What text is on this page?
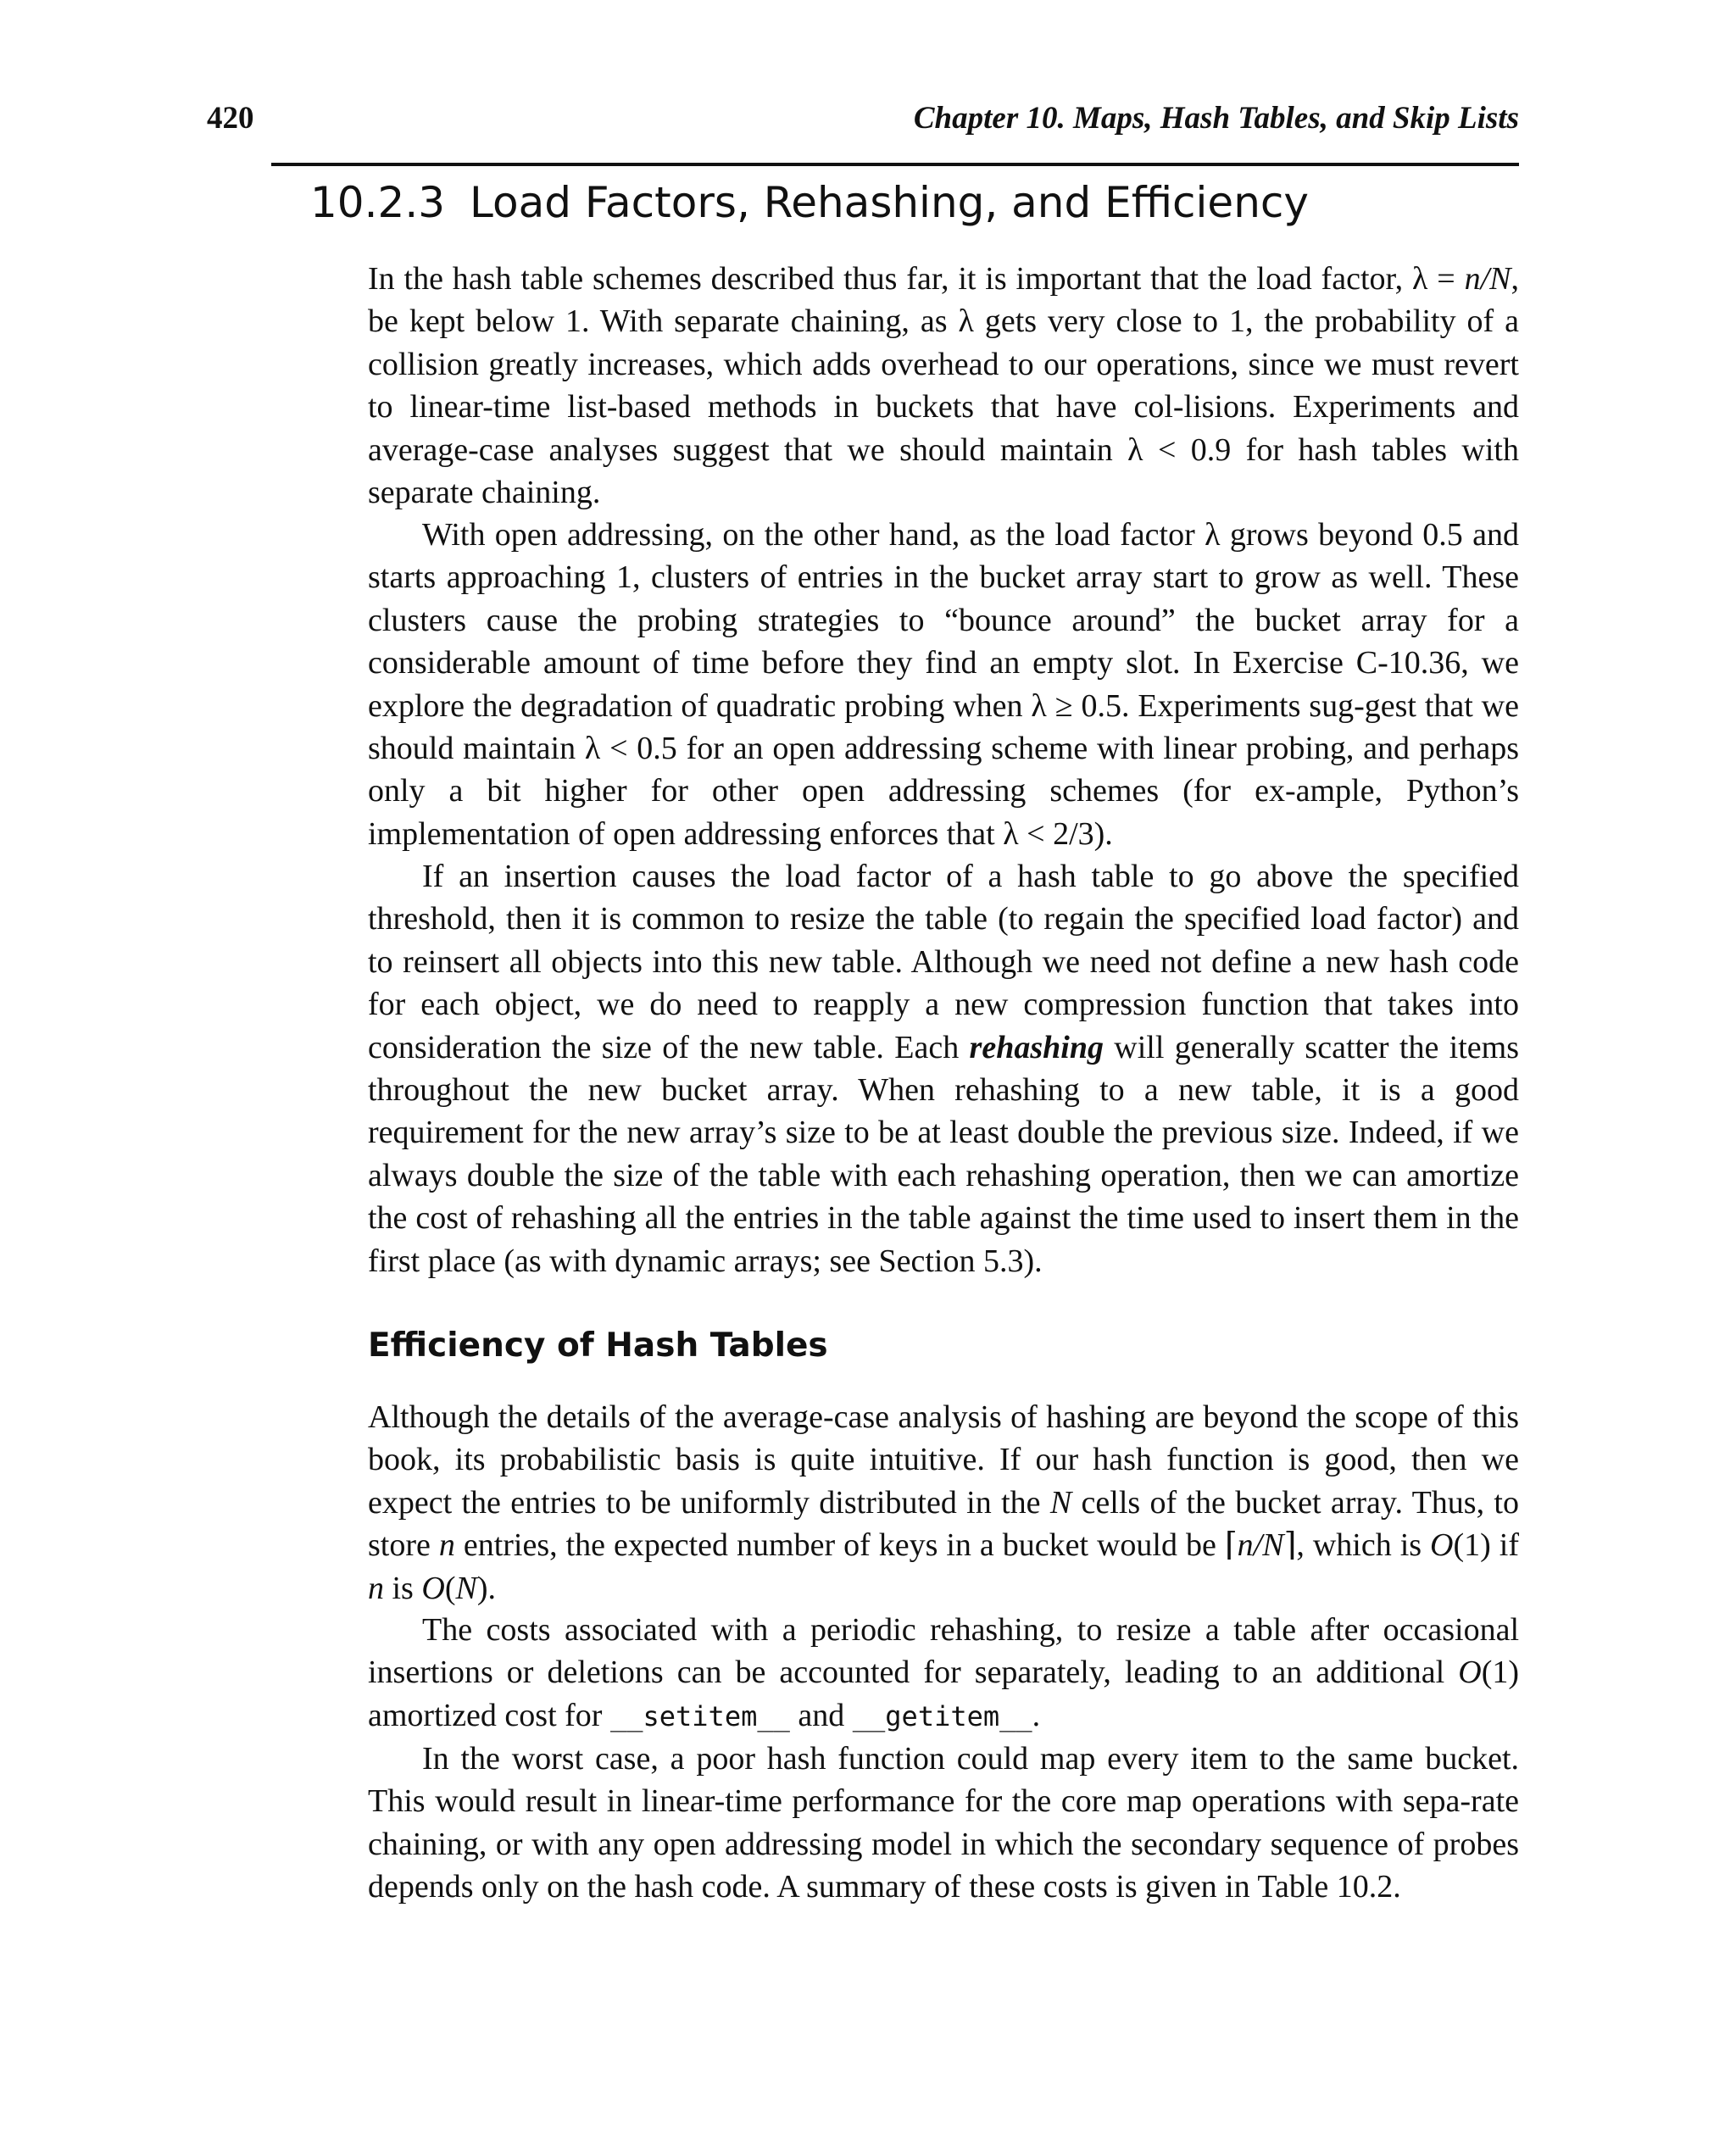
420	Chapter 10. Maps, Hash Tables, and Skip Lists
10.2.3 Load Factors, Rehashing, and Efficiency

In the hash table schemes described thus far, it is important that the load factor, λ = n/N, be kept below 1. With separate chaining, as λ gets very close to 1, the probability of a collision greatly increases, which adds overhead to our operations, since we must revert to linear-time list-based methods in buckets that have col-lisions. Experiments and average-case analyses suggest that we should maintain λ < 0.9 for hash tables with separate chaining.

With open addressing, on the other hand, as the load factor λ grows beyond 0.5 and starts approaching 1, clusters of entries in the bucket array start to grow as well. These clusters cause the probing strategies to “bounce around” the bucket array for a considerable amount of time before they find an empty slot. In Exercise C-10.36, we explore the degradation of quadratic probing when λ ≥ 0.5. Experiments sug-gest that we should maintain λ < 0.5 for an open addressing scheme with linear probing, and perhaps only a bit higher for other open addressing schemes (for ex-ample, Python’s implementation of open addressing enforces that λ < 2/3).

If an insertion causes the load factor of a hash table to go above the specified threshold, then it is common to resize the table (to regain the specified load factor) and to reinsert all objects into this new table. Although we need not define a new hash code for each object, we do need to reapply a new compression function that takes into consideration the size of the new table. Each rehashing will generally scatter the items throughout the new bucket array. When rehashing to a new table, it is a good requirement for the new array’s size to be at least double the previous size. Indeed, if we always double the size of the table with each rehashing operation, then we can amortize the cost of rehashing all the entries in the table against the time used to insert them in the first place (as with dynamic arrays; see Section 5.3).

Efficiency of Hash Tables

Although the details of the average-case analysis of hashing are beyond the scope of this book, its probabilistic basis is quite intuitive. If our hash function is good, then we expect the entries to be uniformly distributed in the N cells of the bucket array. Thus, to store n entries, the expected number of keys in a bucket would be ⌈n/N⌉, which is O(1) if n is O(N).

The costs associated with a periodic rehashing, to resize a table after occasional insertions or deletions can be accounted for separately, leading to an additional O(1) amortized cost for __setitem__ and __getitem__.

In the worst case, a poor hash function could map every item to the same bucket. This would result in linear-time performance for the core map operations with sepa-rate chaining, or with any open addressing model in which the secondary sequence of probes depends only on the hash code. A summary of these costs is given in Table 10.2.
